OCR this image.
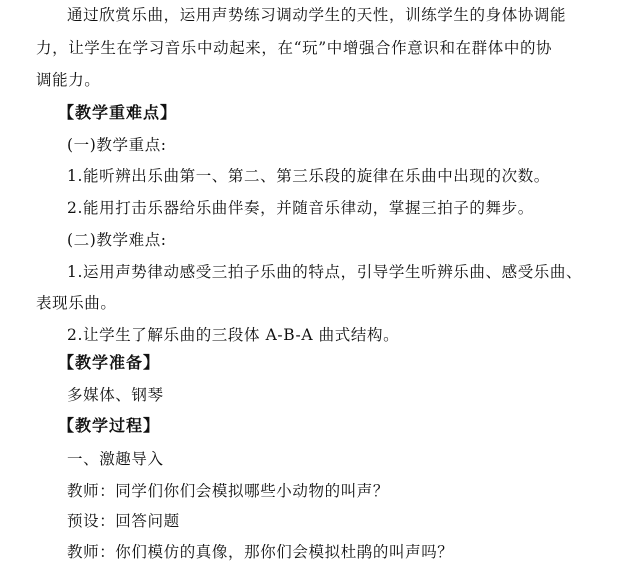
通过欣赏乐曲，运用声势练习调动学生的天性，训练学生的身体协调能
力，让学生在学习音乐中动起来，在“玩”中增强合作意识和在群体中的协
调能力。
【教学重难点】
(一)教学重点:
1.能听辨出乐曲第一、第二、第三乐段的旋律在乐曲中出现的次数。
2.能用打击乐器给乐曲伴奏，并随音乐律动，掌握三拍子的舞步。
(二)教学难点:
1.运用声势律动感受三拍子乐曲的特点，引导学生听辨乐曲、感受乐曲、
表现乐曲。
2.让学生了解乐曲的三段体 A-B-A 曲式结构。
【教学准备】
多媒体、钢琴
【教学过程】
一、激趣导入
教师：同学们你们会模拟哪些小动物的叫声？
预设：回答问题
教师：你们模仿的真像，那你们会模拟杜鹃的叫声吗？
